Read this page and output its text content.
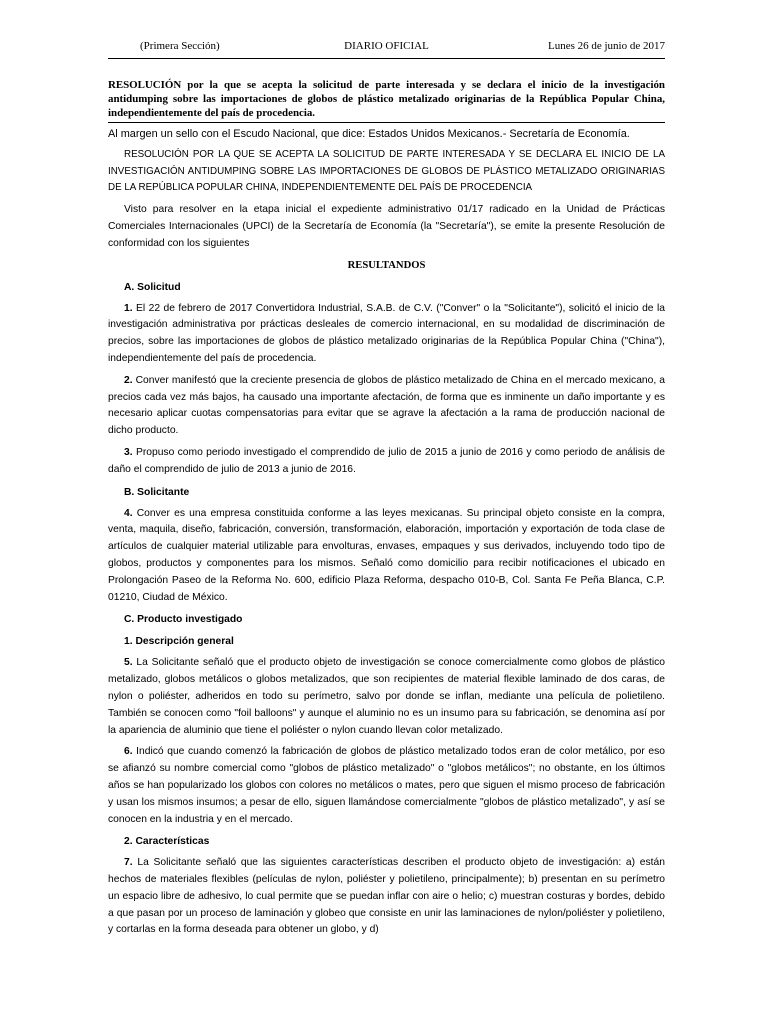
(Primera Sección)	DIARIO OFICIAL	Lunes 26 de junio de 2017
RESOLUCIÓN por la que se acepta la solicitud de parte interesada y se declara el inicio de la investigación antidumping sobre las importaciones de globos de plástico metalizado originarias de la República Popular China, independientemente del país de procedencia.

Al margen un sello con el Escudo Nacional, que dice: Estados Unidos Mexicanos.- Secretaría de Economía.

RESOLUCIÓN POR LA QUE SE ACEPTA LA SOLICITUD DE PARTE INTERESADA Y SE DECLARA EL INICIO DE LA INVESTIGACIÓN ANTIDUMPING SOBRE LAS IMPORTACIONES DE GLOBOS DE PLÁSTICO METALIZADO ORIGINARIAS DE LA REPÚBLICA POPULAR CHINA, INDEPENDIENTEMENTE DEL PAÍS DE PROCEDENCIA

Visto para resolver en la etapa inicial el expediente administrativo 01/17 radicado en la Unidad de Prácticas Comerciales Internacionales (UPCI) de la Secretaría de Economía (la "Secretaría"), se emite la presente Resolución de conformidad con los siguientes

RESULTANDOS
A. Solicitud

1. El 22 de febrero de 2017 Convertidora Industrial, S.A.B. de C.V. ("Conver" o la "Solicitante"), solicitó el inicio de la investigación administrativa por prácticas desleales de comercio internacional, en su modalidad de discriminación de precios, sobre las importaciones de globos de plástico metalizado originarias de la República Popular China ("China"), independientemente del país de procedencia.

2. Conver manifestó que la creciente presencia de globos de plástico metalizado de China en el mercado mexicano, a precios cada vez más bajos, ha causado una importante afectación, de forma que es inminente un daño importante y es necesario aplicar cuotas compensatorias para evitar que se agrave la afectación a la rama de producción nacional de dicho producto.

3. Propuso como periodo investigado el comprendido de julio de 2015 a junio de 2016 y como periodo de análisis de daño el comprendido de julio de 2013 a junio de 2016.

B. Solicitante

4. Conver es una empresa constituida conforme a las leyes mexicanas. Su principal objeto consiste en la compra, venta, maquila, diseño, fabricación, conversión, transformación, elaboración, importación y exportación de toda clase de artículos de cualquier material utilizable para envolturas, envases, empaques y sus derivados, incluyendo todo tipo de globos, productos y componentes para los mismos. Señaló como domicilio para recibir notificaciones el ubicado en Prolongación Paseo de la Reforma No. 600, edificio Plaza Reforma, despacho 010-B, Col. Santa Fe Peña Blanca, C.P. 01210, Ciudad de México.

C. Producto investigado
1. Descripción general

5. La Solicitante señaló que el producto objeto de investigación se conoce comercialmente como globos de plástico metalizado, globos metálicos o globos metalizados, que son recipientes de material flexible laminado de dos caras, de nylon o poliéster, adheridos en todo su perímetro, salvo por donde se inflan, mediante una película de polietileno. También se conocen como "foil balloons" y aunque el aluminio no es un insumo para su fabricación, se denomina así por la apariencia de aluminio que tiene el poliéster o nylon cuando llevan color metalizado.

6. Indicó que cuando comenzó la fabricación de globos de plástico metalizado todos eran de color metálico, por eso se afianzó su nombre comercial como "globos de plástico metalizado" o "globos metálicos"; no obstante, en los últimos años se han popularizado los globos con colores no metálicos o mates, pero que siguen el mismo proceso de fabricación y usan los mismos insumos; a pesar de ello, siguen llamándose comercialmente "globos de plástico metalizado", y así se conocen en la industria y en el mercado.

2. Características

7. La Solicitante señaló que las siguientes características describen el producto objeto de investigación: a) están hechos de materiales flexibles (películas de nylon, poliéster y polietileno, principalmente); b) presentan en su perímetro un espacio libre de adhesivo, lo cual permite que se puedan inflar con aire o helio; c) muestran costuras y bordes, debido a que pasan por un proceso de laminación y globeo que consiste en unir las laminaciones de nylon/poliéster y polietileno, y cortarlas en la forma deseada para obtener un globo, y d)
